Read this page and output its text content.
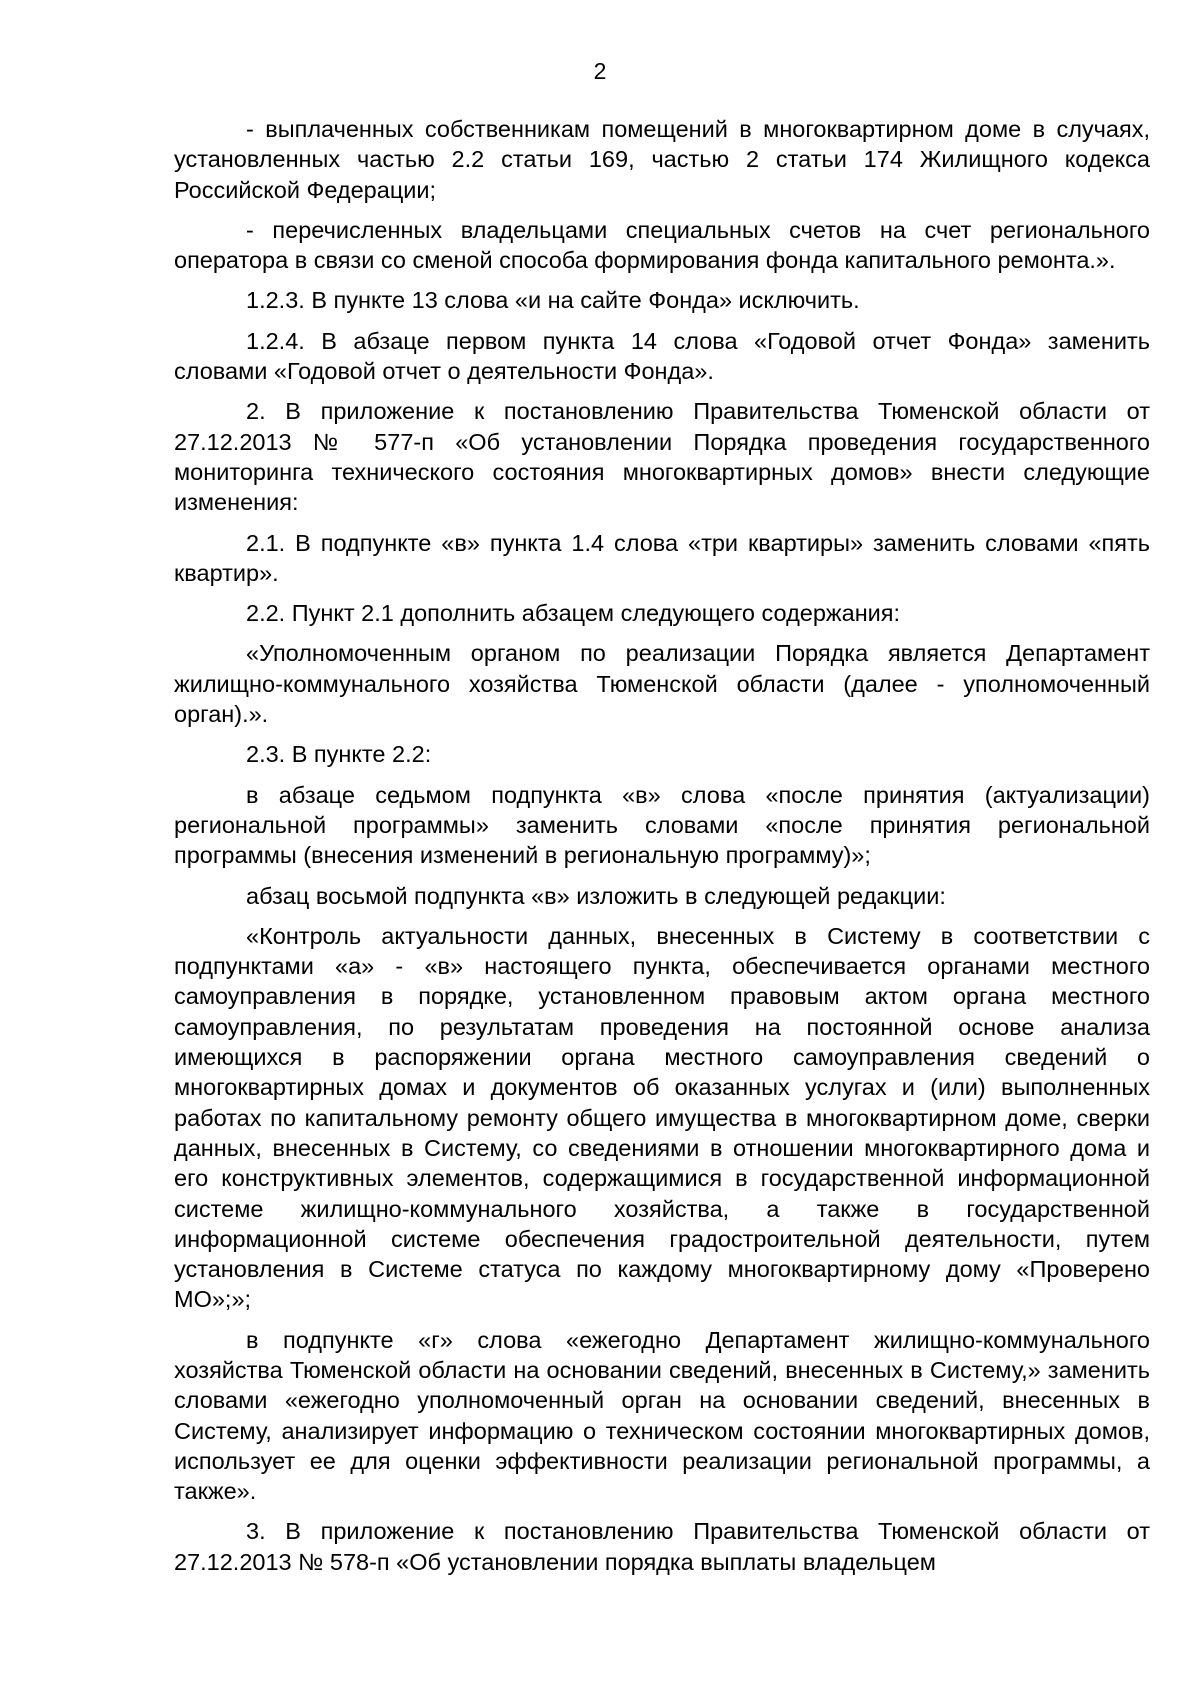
2

- выплаченных собственникам помещений в многоквартирном доме в случаях, установленных частью 2.2 статьи 169, частью 2 статьи 174 Жилищного кодекса Российской Федерации;

- перечисленных владельцами специальных счетов на счет регионального оператора в связи со сменой способа формирования фонда капитального ремонта.».

1.2.3. В пункте 13 слова «и на сайте Фонда» исключить.

1.2.4. В абзаце первом пункта 14 слова «Годовой отчет Фонда» заменить словами «Годовой отчет о деятельности Фонда».

2. В приложение к постановлению Правительства Тюменской области от 27.12.2013 № 577-п «Об установлении Порядка проведения государственного мониторинга технического состояния многоквартирных домов» внести следующие изменения:

2.1. В подпункте «в» пункта 1.4 слова «три квартиры» заменить словами «пять квартир».

2.2. Пункт 2.1 дополнить абзацем следующего содержания:

«Уполномоченным органом по реализации Порядка является Департамент жилищно-коммунального хозяйства Тюменской области (далее - уполномоченный орган).».

2.3. В пункте 2.2:

в абзаце седьмом подпункта «в» слова «после принятия (актуализации) региональной программы» заменить словами «после принятия региональной программы (внесения изменений в региональную программу)»;

абзац восьмой подпункта «в» изложить в следующей редакции:

«Контроль актуальности данных, внесенных в Систему в соответствии с подпунктами «а» - «в» настоящего пункта, обеспечивается органами местного самоуправления в порядке, установленном правовым актом органа местного самоуправления, по результатам проведения на постоянной основе анализа имеющихся в распоряжении органа местного самоуправления сведений о многоквартирных домах и документов об оказанных услугах и (или) выполненных работах по капитальному ремонту общего имущества в многоквартирном доме, сверки данных, внесенных в Систему, со сведениями в отношении многоквартирного дома и его конструктивных элементов, содержащимися в государственной информационной системе жилищно-коммунального хозяйства, а также в государственной информационной системе обеспечения градостроительной деятельности, путем установления в Системе статуса по каждому многоквартирному дому «Проверено МО»;»;

в подпункте «г» слова «ежегодно Департамент жилищно-коммунального хозяйства Тюменской области на основании сведений, внесенных в Систему,» заменить словами «ежегодно уполномоченный орган на основании сведений, внесенных в Систему, анализирует информацию о техническом состоянии многоквартирных домов, использует ее для оценки эффективности реализации региональной программы, а также».

3. В приложение к постановлению Правительства Тюменской области от 27.12.2013 № 578-п «Об установлении порядка выплаты владельцем
